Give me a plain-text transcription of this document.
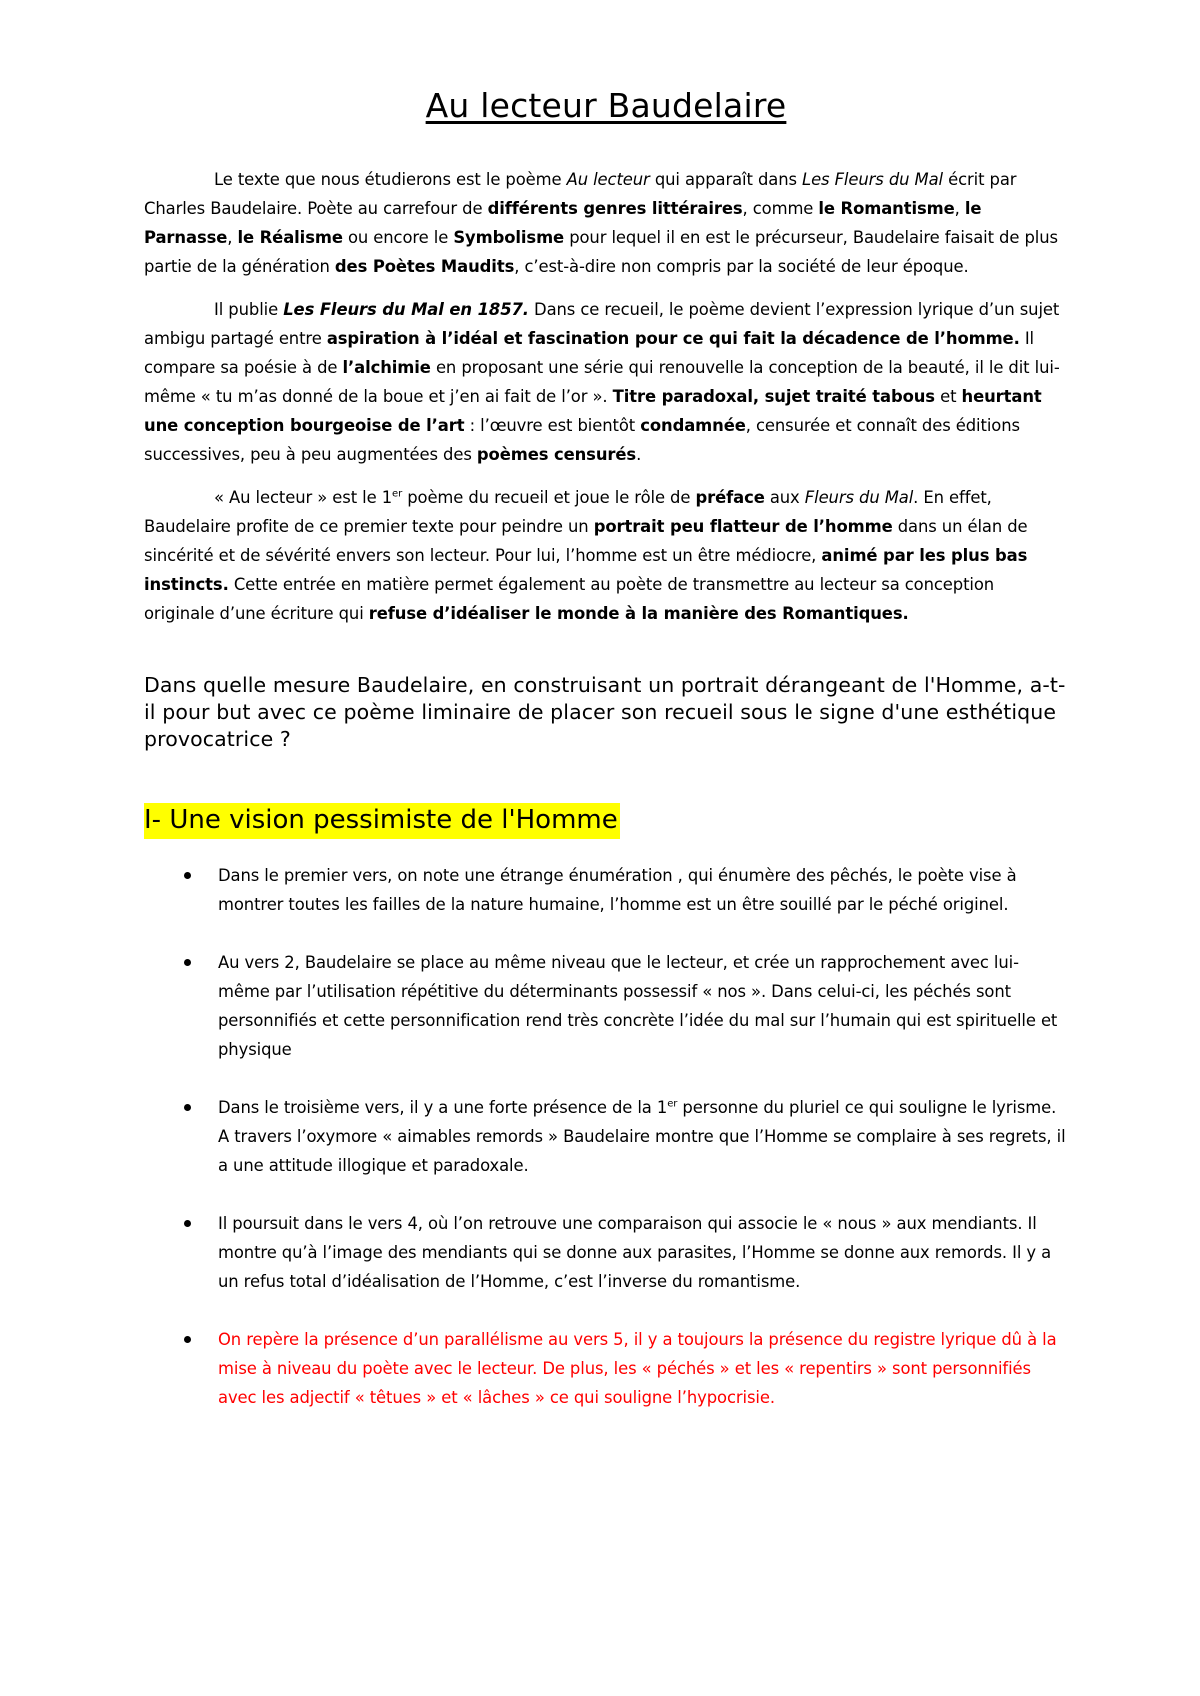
Au lecteur Baudelaire

Le texte que nous étudierons est le poème Au lecteur qui apparaît dans Les Fleurs du Mal écrit par Charles Baudelaire. Poète au carrefour de différents genres littéraires, comme le Romantisme, le Parnasse, le Réalisme ou encore le Symbolisme pour lequel il en est le précurseur, Baudelaire faisait de plus partie de la génération des Poètes Maudits, c’est-à-dire non compris par la société de leur époque.

Il publie Les Fleurs du Mal en 1857. Dans ce recueil, le poème devient l’expression lyrique d’un sujet ambigu partagé entre aspiration à l’idéal et fascination pour ce qui fait la décadence de l’homme. Il compare sa poésie à de l’alchimie en proposant une série qui renouvelle la conception de la beauté, il le dit lui-même « tu m’as donné de la boue et j’en ai fait de l’or ». Titre paradoxal, sujet traité tabous et heurtant une conception bourgeoise de l’art : l’œuvre est bientôt condamnée, censurée et connaît des éditions successives, peu à peu augmentées des poèmes censurés.

« Au lecteur » est le 1er poème du recueil et joue le rôle de préface aux Fleurs du Mal. En effet, Baudelaire profite de ce premier texte pour peindre un portrait peu flatteur de l’homme dans un élan de sincérité et de sévérité envers son lecteur. Pour lui, l’homme est un être médiocre, animé par les plus bas instincts. Cette entrée en matière permet également au poète de transmettre au lecteur sa conception originale d’une écriture qui refuse d’idéaliser le monde à la manière des Romantiques.

Dans quelle mesure Baudelaire, en construisant un portrait dérangeant de l'Homme, a-t-il pour but avec ce poème liminaire de placer son recueil sous le signe d'une esthétique provocatrice ?
I- Une vision pessimiste de l'Homme
Dans le premier vers, on note une étrange énumération , qui énumère des pêchés, le poète vise à montrer toutes les failles de la nature humaine, l’homme est un être souillé par le péché originel.
Au vers 2, Baudelaire se place au même niveau que le lecteur, et crée un rapprochement avec lui-même par l’utilisation répétitive du déterminants possessif « nos ». Dans celui-ci, les péchés sont personnifiés et cette personnification rend très concrète l’idée du mal sur l’humain qui est spirituelle et physique
Dans le troisième vers, il y a une forte présence de la 1er personne du pluriel ce qui souligne le lyrisme. A travers l’oxymore « aimables remords » Baudelaire montre que l’Homme se complaire à ses regrets, il a une attitude illogique et paradoxale.
Il poursuit dans le vers 4, où l’on retrouve une comparaison qui associe le « nous » aux mendiants. Il montre qu’à l’image des mendiants qui se donne aux parasites, l’Homme se donne aux remords. Il y a un refus total d’idéalisation de l’Homme, c’est l’inverse du romantisme.
On repère la présence d’un parallélisme au vers 5, il y a toujours la présence du registre lyrique dû à la mise à niveau du poète avec le lecteur. De plus, les « péchés » et les « repentirs » sont personnifiés avec les adjectif « têtues » et « lâches » ce qui souligne l’hypocrisie.
